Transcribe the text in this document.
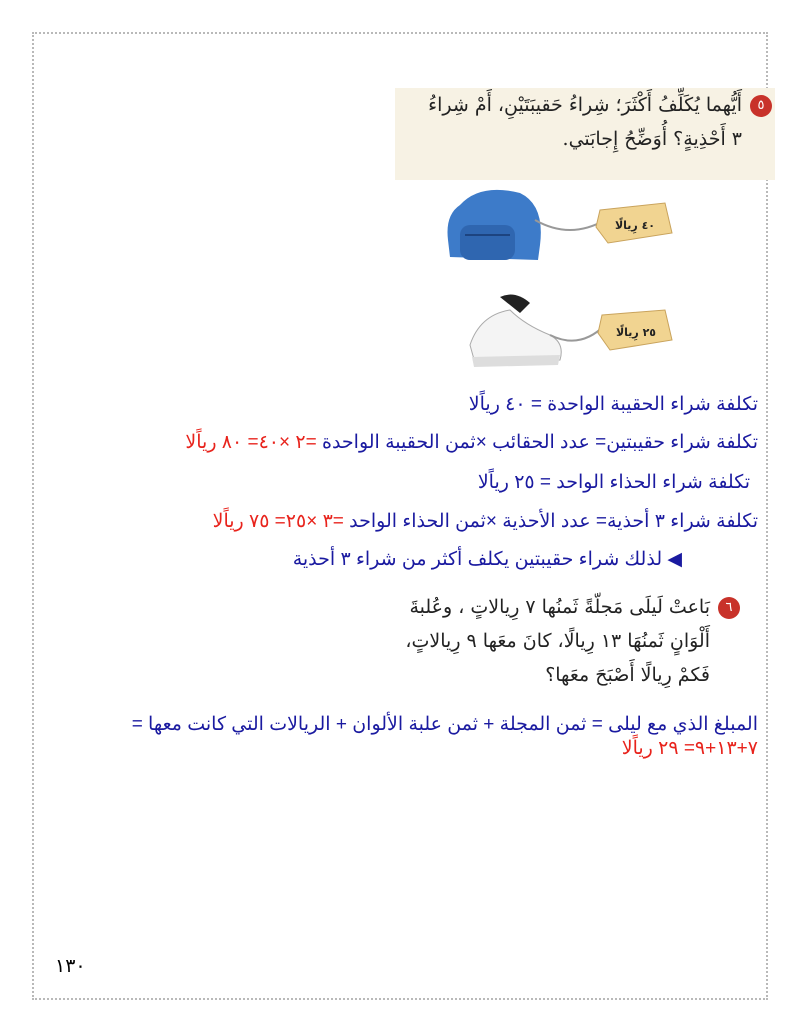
٥أَيُّهما يُكَلِّفُ أَكْثَرَ؛ شِراءُ حَقيبَتَيْنِ، أَمْ شِراءُ
٣ أَحْذِيةٍ؟ أُوَضِّحُ إِجابَتي.
٤٠ رِيالًا
٢٥ رِيالًا
تكلفة شراء الحقيبة الواحدة = ٤٠ رياًلا
تكلفة شراء حقيبتين= عدد الحقائب ×ثمن الحقيبة الواحدة =٢ ×٤٠= ٨٠ رياًلا
تكلفة شراء الحذاء الواحد = ٢٥ رياًلا
تكلفة شراء ٣ أحذية= عدد الأحذية ×ثمن الحذاء الواحد =٣ ×٢٥= ٧٥ رياًلا
◀ لذلك شراء حقيبتين يكلف أكثر من شراء ٣ أحذية
٦بَاعتْ لَيلَى مَجلّةً ثَمنُها ٧ رِيالاتٍ ، وعُلبةَ
أَلْوَانٍ ثَمنُهَا ١٣ رِيالًا، كانَ معَها ٩ رِيالاتٍ،
فَكمْ رِيالًا أَصْبَحَ معَها؟
المبلغ الذي مع ليلى = ثمن المجلة + ثمن علبة الألوان + الريالات التي كانت معها =
٧+١٣+٩= ٢٩ رياًلا
١٣٠
